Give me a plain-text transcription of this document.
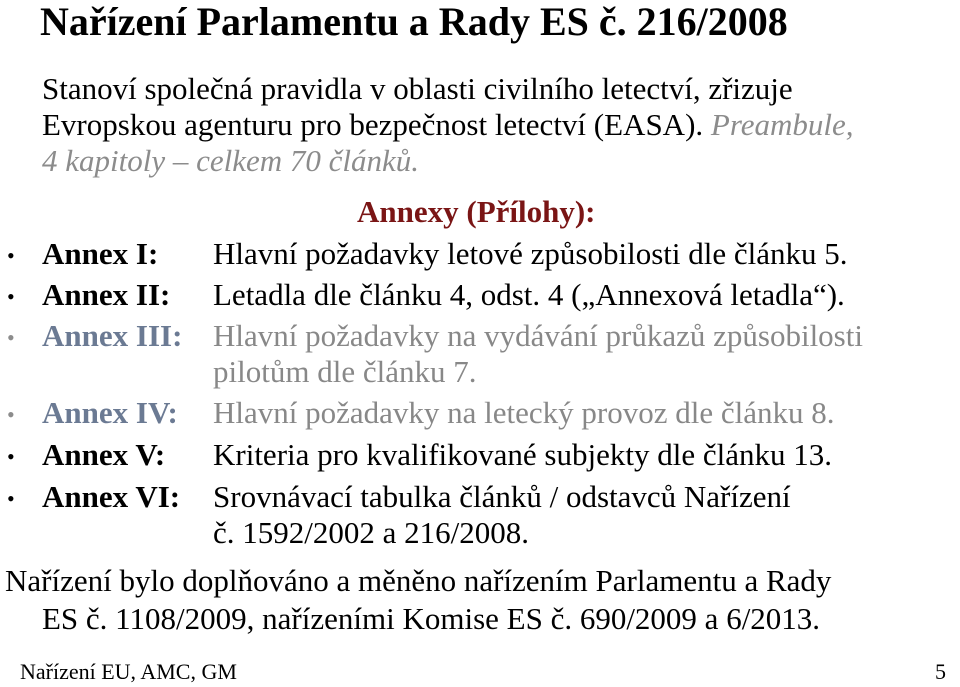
Nařízení Parlamentu a Rady ES č. 216/2008
Stanoví společná pravidla v oblasti civilního letectví, zřizuje
Evropskou agenturu pro bezpečnost letectví (EASA). Preambule,
4 kapitoly – celkem 70 článků.
Annexy (Přílohy):
• Annex I: Hlavní požadavky letové způsobilosti dle článku 5.
• Annex II: Letadla dle článku 4, odst. 4 („Annexová letadla“).
• Annex III: Hlavní požadavky na vydávání průkazů způsobilosti
pilotům dle článku 7.
• Annex IV: Hlavní požadavky na letecký provoz dle článku 8.
• Annex V: Kriteria pro kvalifikované subjekty dle článku 13.
• Annex VI: Srovnávací tabulka článků / odstavců Nařízení
č. 1592/2002 a 216/2008.
Nařízení bylo doplňováno a měněno nařízením Parlamentu a Rady
ES č. 1108/2009, nařízeními Komise ES č. 690/2009 a 6/2013.
Nařízení EU, AMC, GM	5
